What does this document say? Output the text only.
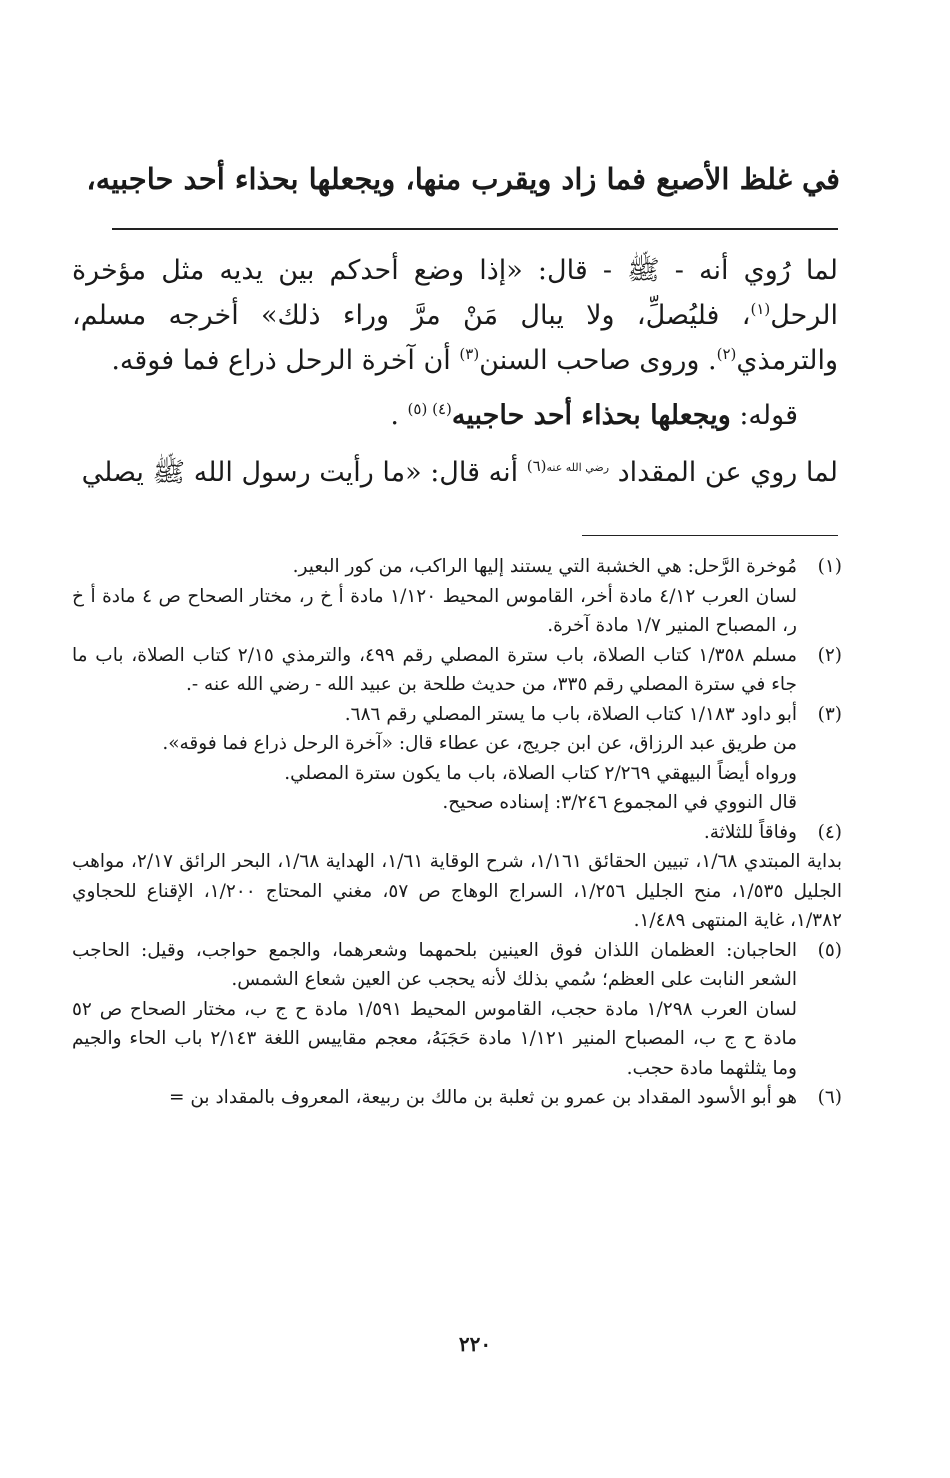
في غلظ الأصبع فما زاد ويقرب منها، ويجعلها بحذاء أحد حاجبيه،

لما رُوي أنه - ﷺ - قال: «إذا وضع أحدكم بين يديه مثل مؤخرة الرحل$^{(١)}$، فليُصلِّ، ولا يبال مَنْ مرَّ وراء ذلك» أخرجه مسلم، والترمذي$^{(٢)}$. وروى صاحب السنن$^{(٣)}$ أن آخرة الرحل ذراع فما فوقه.

قوله: ويجعلها بحذاء أحد حاجبيه$^{(٤)}$ $^{(٥)}$ .

لما روي عن المقداد $^{رضي الله عنه(٦)}$ أنه قال: «ما رأيت رسول الله ﷺ يصلي

(١)

مُوخرة الرَّحل: هي الخشبة التي يستند إليها الراكب، من كور البعير.

لسان العرب ٤/١٢ مادة أخر، القاموس المحيط ١/١٢٠ مادة أ خ ر، مختار الصحاح ص ٤ مادة أ خ ر، المصباح المنير ١/٧ مادة آخرة.

(٢)

مسلم ١/٣٥٨ كتاب الصلاة، باب سترة المصلي رقم ٤٩٩، والترمذي ٢/١٥ كتاب الصلاة، باب ما جاء في سترة المصلي رقم ٣٣٥، من حديث طلحة بن عبيد الله - رضي الله عنه -.

(٣)

أبو داود ١/١٨٣ كتاب الصلاة، باب ما يستر المصلي رقم ٦٨٦.

من طريق عبد الرزاق، عن ابن جريج، عن عطاء قال: «آخرة الرحل ذراع فما فوقه».

ورواه أيضاً البيهقي ٢/٢٦٩ كتاب الصلاة، باب ما يكون سترة المصلي.

قال النووي في المجموع ٣/٢٤٦: إسناده صحيح.

(٤)

وفاقاً للثلاثة.

بداية المبتدي ١/٦٨، تبيين الحقائق ١/١٦١، شرح الوقاية ١/٦١، الهداية ١/٦٨، البحر الرائق ٢/١٧، مواهب الجليل ١/٥٣٥، منح الجليل ١/٢٥٦، السراج الوهاج ص ٥٧، مغني المحتاج ١/٢٠٠، الإقناع للحجاوي ١/٣٨٢، غاية المنتهى ١/٤٨٩.

(٥)

الحاجبان: العظمان اللذان فوق العينين بلحمهما وشعرهما، والجمع حواجب، وقيل: الحاجب الشعر النابت على العظم؛ سُمي بذلك لأنه يحجب عن العين شعاع الشمس.

لسان العرب ١/٢٩٨ مادة حجب، القاموس المحيط ١/٥٩١ مادة ح ج ب، مختار الصحاح ص ٥٢ مادة ح ج ب، المصباح المنير ١/١٢١ مادة حَجَبَهُ، معجم مقاييس اللغة ٢/١٤٣ باب الحاء والجيم وما يثلثهما مادة حجب.

(٦)

هو أبو الأسود المقداد بن عمرو بن ثعلبة بن مالك بن ربيعة، المعروف بالمقداد بن =

٢٢٠
